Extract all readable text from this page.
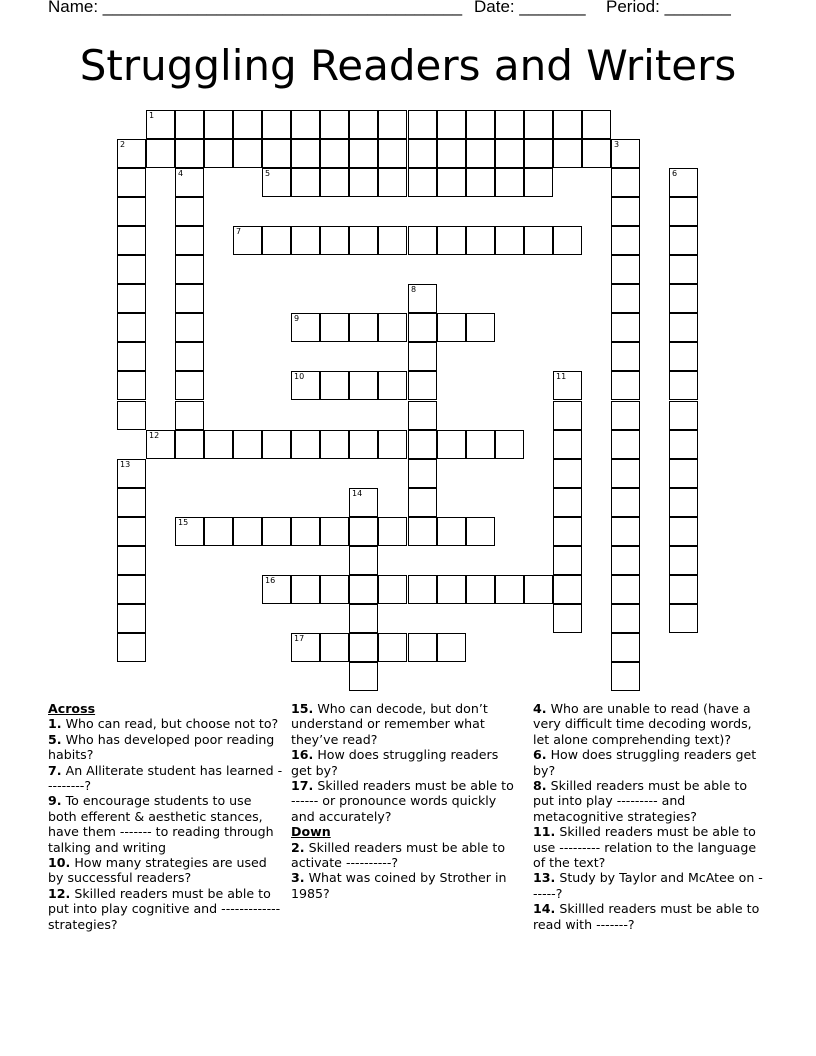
Name: ______________________________________ Date: _______ Period: _______
Struggling Readers and Writers
1
2	3
4	5	6
7
8
9
10	11
12
13
14
15
16
17
Across
1. Who can read, but choose not to?
5. Who has developed poor reading habits?
7. An Alliterate student has learned ---------?
9. To encourage students to use both efferent & aesthetic stances, have them ------- to reading through talking and writing
10. How many strategies are used by successful readers?
12. Skilled readers must be able to put into play cognitive and ------------- strategies?
15. Who can decode, but don’t understand or remember what they’ve read?
16. How does struggling readers get by?
17. Skilled readers must be able to ------ or pronounce words quickly and accurately?
Down
2. Skilled readers must be able to activate ----------?
3. What was coined by Strother in 1985?
4. Who are unable to read (have a very difficult time decoding words, let alone comprehending text)?
6. How does struggling readers get by?
8. Skilled readers must be able to put into play --------- and metacognitive strategies?
11. Skilled readers must be able to use --------- relation to the language of the text?
13. Study by Taylor and McAtee on ------?
14. Skillled readers must be able to read with -------?
